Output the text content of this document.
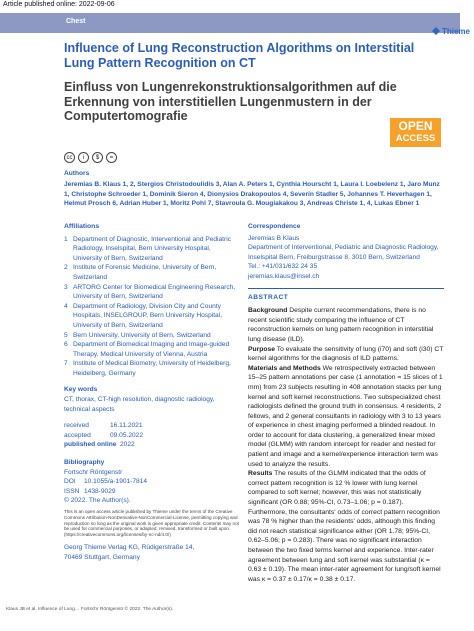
Article published online: 2022-09-06
Chest
Thieme
Influence of Lung Reconstruction Algorithms on Interstitial Lung Pattern Recognition on CT
Einfluss von Lungenrekonstruktionsalgorithmen auf die Erkennung von interstitiellen Lungenmustern in der Computertomografie
OPEN
ACCESS
cc	i	$	=
Authors
Jeremias B. Klaus 1, 2, Stergios Christodoulidis 3, Alan A. Peters 1, Cynthia Hourscht 1, Laura I. Loebelenz 1, Jaro Munz 1, Christophe Schroeder 1, Dominik Sieron 4, Dionysios Drakopoulos 4, Severin Stadler 5, Johannes T. Heverhagen 1, Helmut Prosch 6, Adrian Huber 1, Moritz Pohl 7, Stavroula G. Mougiakakou 3, Andreas Christe 1, 4, Lukas Ebner 1
Affiliations
1 Department of Diagnostic, Interventional and Pediatric Radiology, Inselspital, Bern University Hospital, University of Bern, Switzerland
2 Institute of Forensic Medicine, University of Bern, Switzerland
3 ARTORG Center for Biomedical Engineering Research, University of Bern, Switzerland
4 Department of Radiology, Division City and County Hospitals, INSELGROUP, Bern University Hospital, University of Bern, Switzerland
5 Bern University, University of Bern, Switzerland
6 Department of Biomedical Imaging and Image-guided Therapy, Medical University of Vienna, Austria
7 Institute of Medical Biometry, University of Heidelberg, Heidelberg, Germany
Key words
CT, thorax, CT-high resolution, diagnostic radiology, technical aspects
received	16.11.2021
accepted	09.05.2022
published online 2022
Bibliography
Fortschr Röntgenstr
DOI	10.1055/a-1901-7814
ISSN 1438-9029
© 2022. The Author(s).
This is an open access article published by Thieme under the terms of the Creative Commons Attribution-NonDerivative-NonCommercial-License, permitting copying and reproduction so long as the original work is given appropriate credit. Contents may not be used for commercial purposes, or adapted, remixed, transformed or built upon. (https://creativecommons.org/licenses/by-nc-nd/4.0/)
Georg Thieme Verlag KG, Rüdigerstraße 14,
70469 Stuttgart, Germany
Correspondence
Jeremias B Klaus
Department of Interventional, Pediatric and Diagnostic Radiology, Inselspital Bern, Freiburgstrasse 8, 3010 Bern, Switzerland
Tel.: +41/031/632 24 35
jeremias.klaus@insel.ch
ABSTRACT

Background Despite current recommendations, there is no recent scientific study comparing the influence of CT reconstruction kernels on lung pattern recognition in interstitial lung disease (ILD).

Purpose To evaluate the sensitivity of lung (i70) and soft (i30) CT kernel algorithms for the diagnosis of ILD patterns.

Materials and Methods We retrospectively extracted between 15–25 pattern annotations per case (1 annotation = 15 slices of 1 mm) from 23 subjects resulting in 408 annotation stacks per lung kernel and soft kernel reconstructions. Two subspecialized chest radiologists defined the ground truth in consensus. 4 residents, 2 fellows, and 2 general consultants in radiology with 3 to 13 years of experience in chest imaging performed a blinded readout. In order to account for data clustering, a generalized linear mixed model (GLMM) with random intercept for reader and nested for patient and image and a kernel/experience interaction term was used to analyze the results.

Results The results of the GLMM indicated that the odds of correct pattern recognition is 12 % lower with lung kernel compared to soft kernel; however, this was not statistically significant (OR 0.88; 95%-CI, 0.73–1.06; p = 0.187). Furthermore, the consultants' odds of correct pattern recognition was 78 % higher than the residents' odds, although this finding did not reach statistical significance either (OR 1.78; 95%-CI, 0.62–5.06; p = 0.283). There was no significant interaction between the two fixed terms kernel and experience. Inter-rater agreement between lung and soft kernel was substantial (κ = 0.63 ± 0.19). The mean inter-rater agreement for lung/soft kernel was κ = 0.37 ± 0.17/κ = 0.38 ± 0.17.

Klaus JB et al. Influence of Lung… Fortschr Röntgenstr © 2022. The Author(s).
